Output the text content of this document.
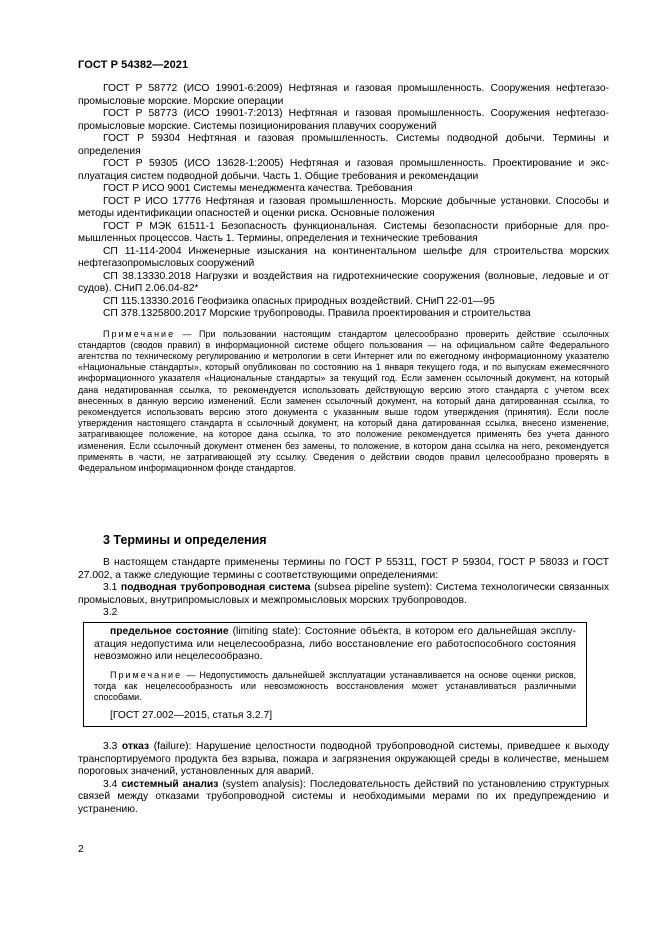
ГОСТ Р 54382—2021

ГОСТ Р 58772 (ИСО 19901-6:2009) Нефтяная и газовая промышленность. Сооружения нефтегазопромысловые морские. Морские операции

ГОСТ Р 58773 (ИСО 19901-7:2013) Нефтяная и газовая промышленность. Сооружения нефтегазопромысловые морские. Системы позиционирования плавучих сооружений

ГОСТ Р 59304 Нефтяная и газовая промышленность. Системы подводной добычи. Термины и определения

ГОСТ Р 59305 (ИСО 13628-1:2005) Нефтяная и газовая промышленность. Проектирование и эксплуатация систем подводной добычи. Часть 1. Общие требования и рекомендации

ГОСТ Р ИСО 9001 Системы менеджмента качества. Требования

ГОСТ Р ИСО 17776 Нефтяная и газовая промышленность. Морские добычные установки. Способы и методы идентификации опасностей и оценки риска. Основные положения

ГОСТ Р МЭК 61511-1 Безопасность функциональная. Системы безопасности приборные для промышленных процессов. Часть 1. Термины, определения и технические требования

СП 11-114-2004 Инженерные изыскания на континентальном шельфе для строительства морских нефтегазопромысловых сооружений

СП 38.13330.2018 Нагрузки и воздействия на гидротехнические сооружения (волновые, ледовые и от судов). СНиП 2.06.04-82*

СП 115.13330.2016 Геофизика опасных природных воздействий. СНиП 22-01—95

СП 378.1325800.2017 Морские трубопроводы. Правила проектирования и строительства

Примечание — При пользовании настоящим стандартом целесообразно проверить действие ссылочных стандартов (сводов правил) в информационной системе общего пользования — на официальном сайте Федерального агентства по техническому регулированию и метрологии в сети Интернет или по ежегодному информационному указателю «Национальные стандарты», который опубликован по состоянию на 1 января текущего года, и по выпускам ежемесячного информационного указателя «Национальные стандарты» за текущий год. Если заменен ссылочный документ, на который дана недатированная ссылка, то рекомендуется использовать действующую версию этого стандарта с учетом всех внесенных в данную версию изменений. Если заменен ссылочный документ, на который дана датированная ссылка, то рекомендуется использовать версию этого документа с указанным выше годом утверждения (принятия). Если после утверждения настоящего стандарта в ссылочный документ, на который дана датированная ссылка, внесено изменение, затрагивающее положение, на которое дана ссылка, то это положение рекомендуется применять без учета данного изменения. Если ссылочный документ отменен без замены, то положение, в котором дана ссылка на него, рекомендуется применять в части, не затрагивающей эту ссылку. Сведения о действии сводов правил целесообразно проверять в Федеральном информационном фонде стандартов.

3 Термины и определения

В настоящем стандарте применены термины по ГОСТ Р 55311, ГОСТ Р 59304, ГОСТ Р 58033 и ГОСТ 27.002, а также следующие термины с соответствующими определениями:

3.1 подводная трубопроводная система (subsea pipeline system): Система технологически связанных промысловых, внутрипромысловых и межпромысловых морских трубопроводов.

3.2

предельное состояние (limiting state): Состояние объекта, в котором его дальнейшая эксплуатация недопустима или нецелесообразна, либо восстановление его работоспособного состояния невозможно или нецелесообразно.

Примечание — Недопустимость дальнейшей эксплуатации устанавливается на основе оценки рисков, тогда как нецелесообразность или невозможность восстановления может устанавливаться различными способами.

[ГОСТ 27.002—2015, статья 3.2.7]

3.3 отказ (failure): Нарушение целостности подводной трубопроводной системы, приведшее к выходу транспортируемого продукта без взрыва, пожара и загрязнения окружающей среды в количестве, меньшем пороговых значений, установленных для аварий.

3.4 системный анализ (system analysis): Последовательность действий по установлению структурных связей между отказами трубопроводной системы и необходимыми мерами по их предупреждению и устранению.

2
